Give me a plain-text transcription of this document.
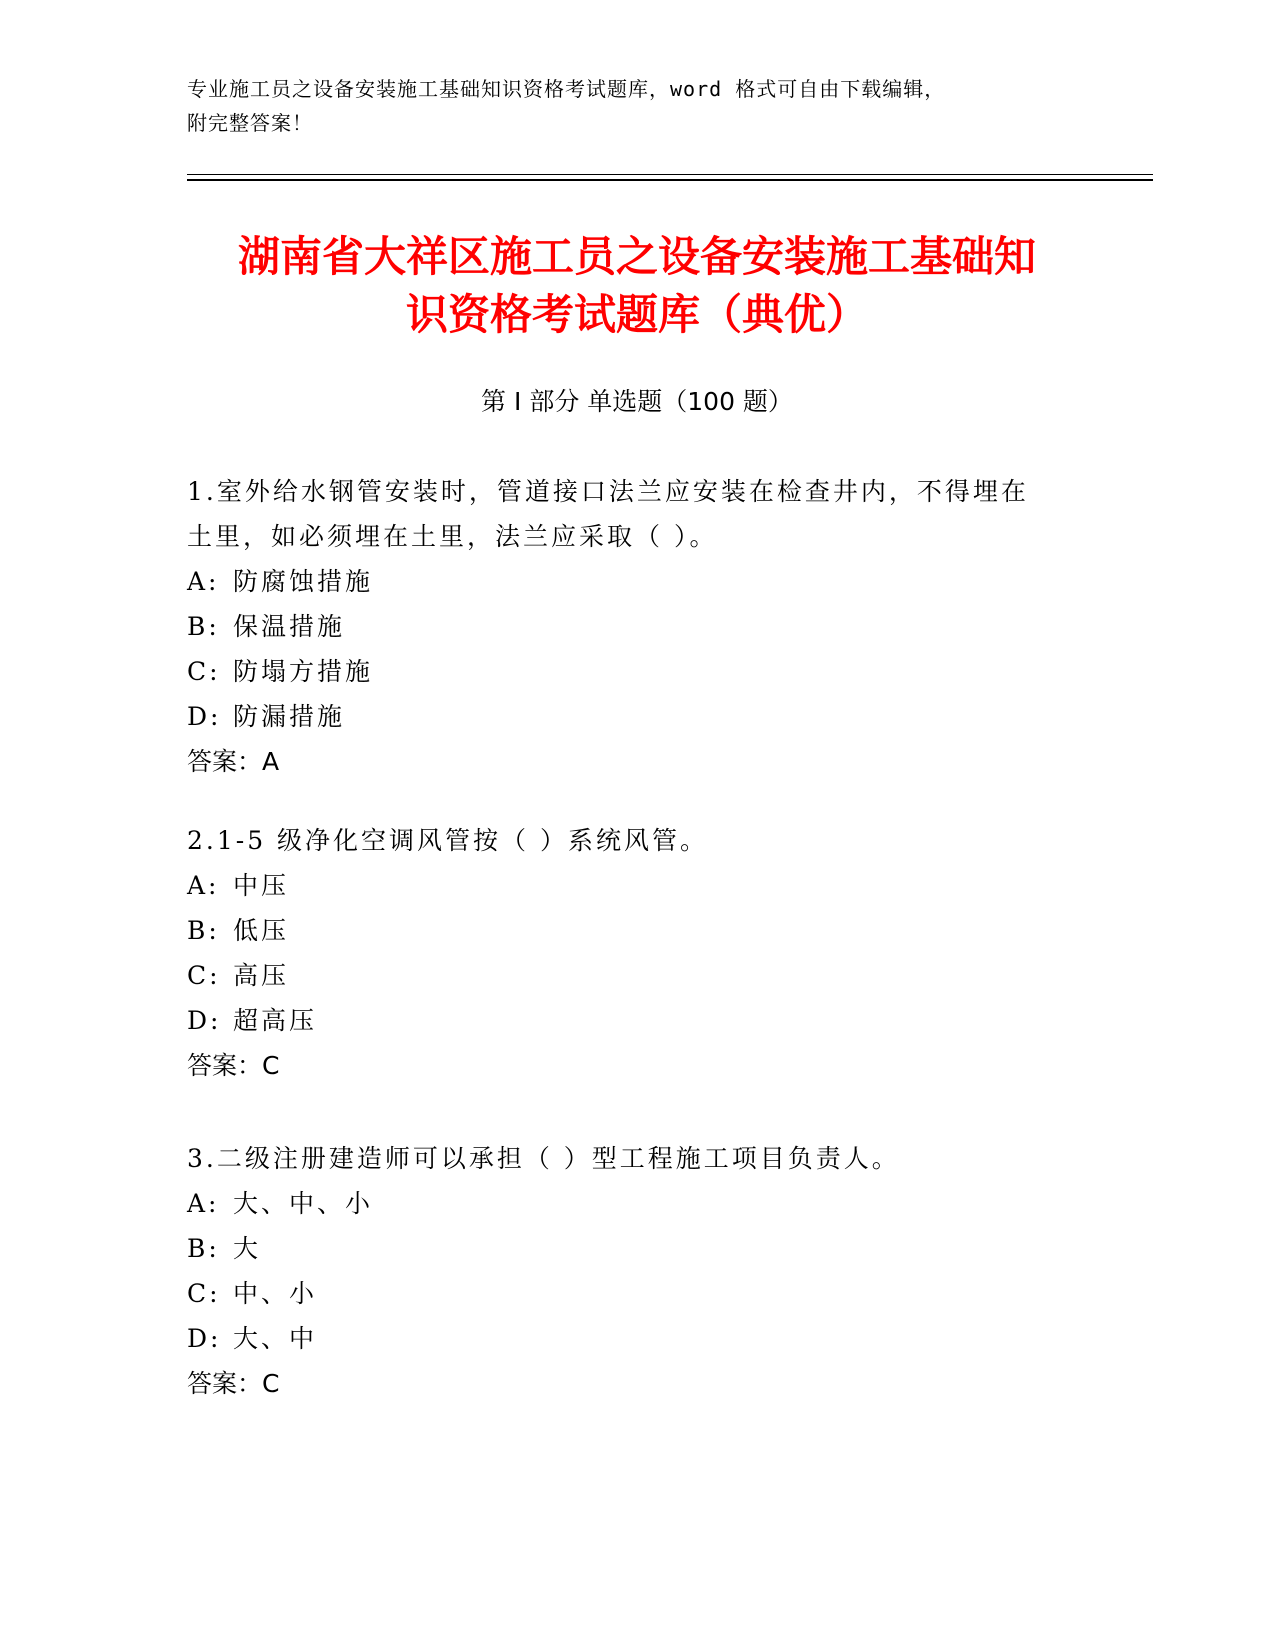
专业施工员之设备安装施工基础知识资格考试题库，word 格式可自由下载编辑，
附完整答案！
湖南省大祥区施工员之设备安装施工基础知
识资格考试题库（典优）
第 I 部分 单选题（100 题）
1.室外给水钢管安装时，管道接口法兰应安装在检查井内，不得埋在
土里，如必须埋在土里，法兰应采取（ ）。
A: 防腐蚀措施
B: 保温措施
C: 防塌方措施
D: 防漏措施
答案：A
2.1-5 级净化空调风管按（ ）系统风管。
A: 中压
B: 低压
C: 高压
D: 超高压
答案：C
3.二级注册建造师可以承担（ ）型工程施工项目负责人。
A: 大、中、小
B: 大
C: 中、小
D: 大、中
答案：C
